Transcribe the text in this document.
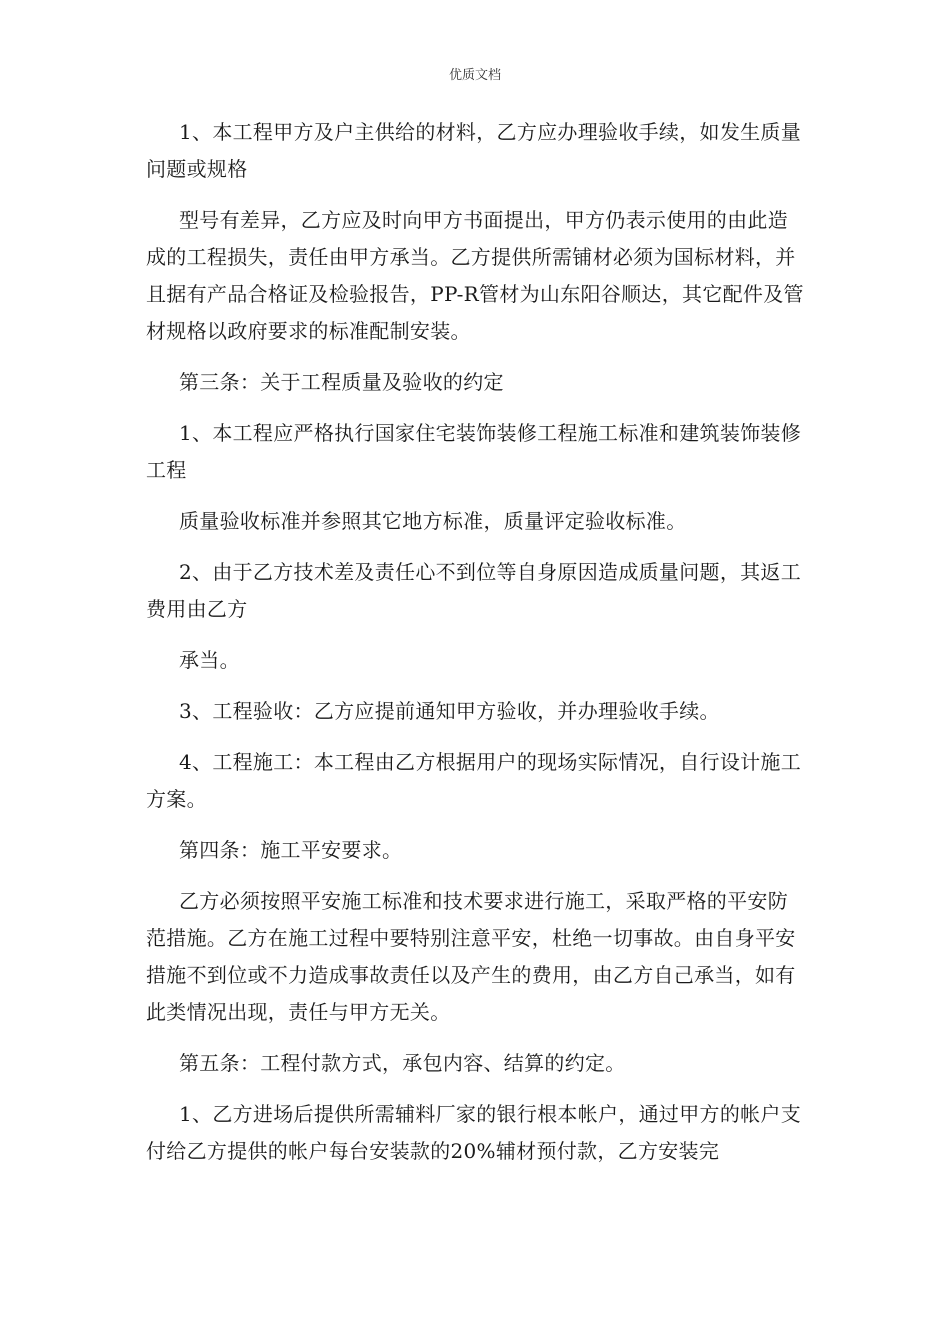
优质文档

1、本工程甲方及户主供给的材料，乙方应办理验收手续，如发生质量问题或规格

型号有差异，乙方应及时向甲方书面提出，甲方仍表示使用的由此造成的工程损失，责任由甲方承当。乙方提供所需铺材必须为国标材料，并且据有产品合格证及检验报告，PP-R管材为山东阳谷顺达，其它配件及管材规格以政府要求的标准配制安装。

第三条：关于工程质量及验收的约定

1、本工程应严格执行国家住宅装饰装修工程施工标准和建筑装饰装修工程

质量验收标准并参照其它地方标准，质量评定验收标准。

2、由于乙方技术差及责任心不到位等自身原因造成质量问题，其返工费用由乙方

承当。

3、工程验收：乙方应提前通知甲方验收，并办理验收手续。

4、工程施工：本工程由乙方根据用户的现场实际情况，自行设计施工方案。

第四条：施工平安要求。

乙方必须按照平安施工标准和技术要求进行施工，采取严格的平安防范措施。乙方在施工过程中要特别注意平安，杜绝一切事故。由自身平安措施不到位或不力造成事故责任以及产生的费用，由乙方自己承当，如有此类情况出现，责任与甲方无关。

第五条：工程付款方式，承包内容、结算的约定。

1、乙方进场后提供所需辅料厂家的银行根本帐户，通过甲方的帐户支付给乙方提供的帐户每台安装款的20%辅材预付款，乙方安装完
